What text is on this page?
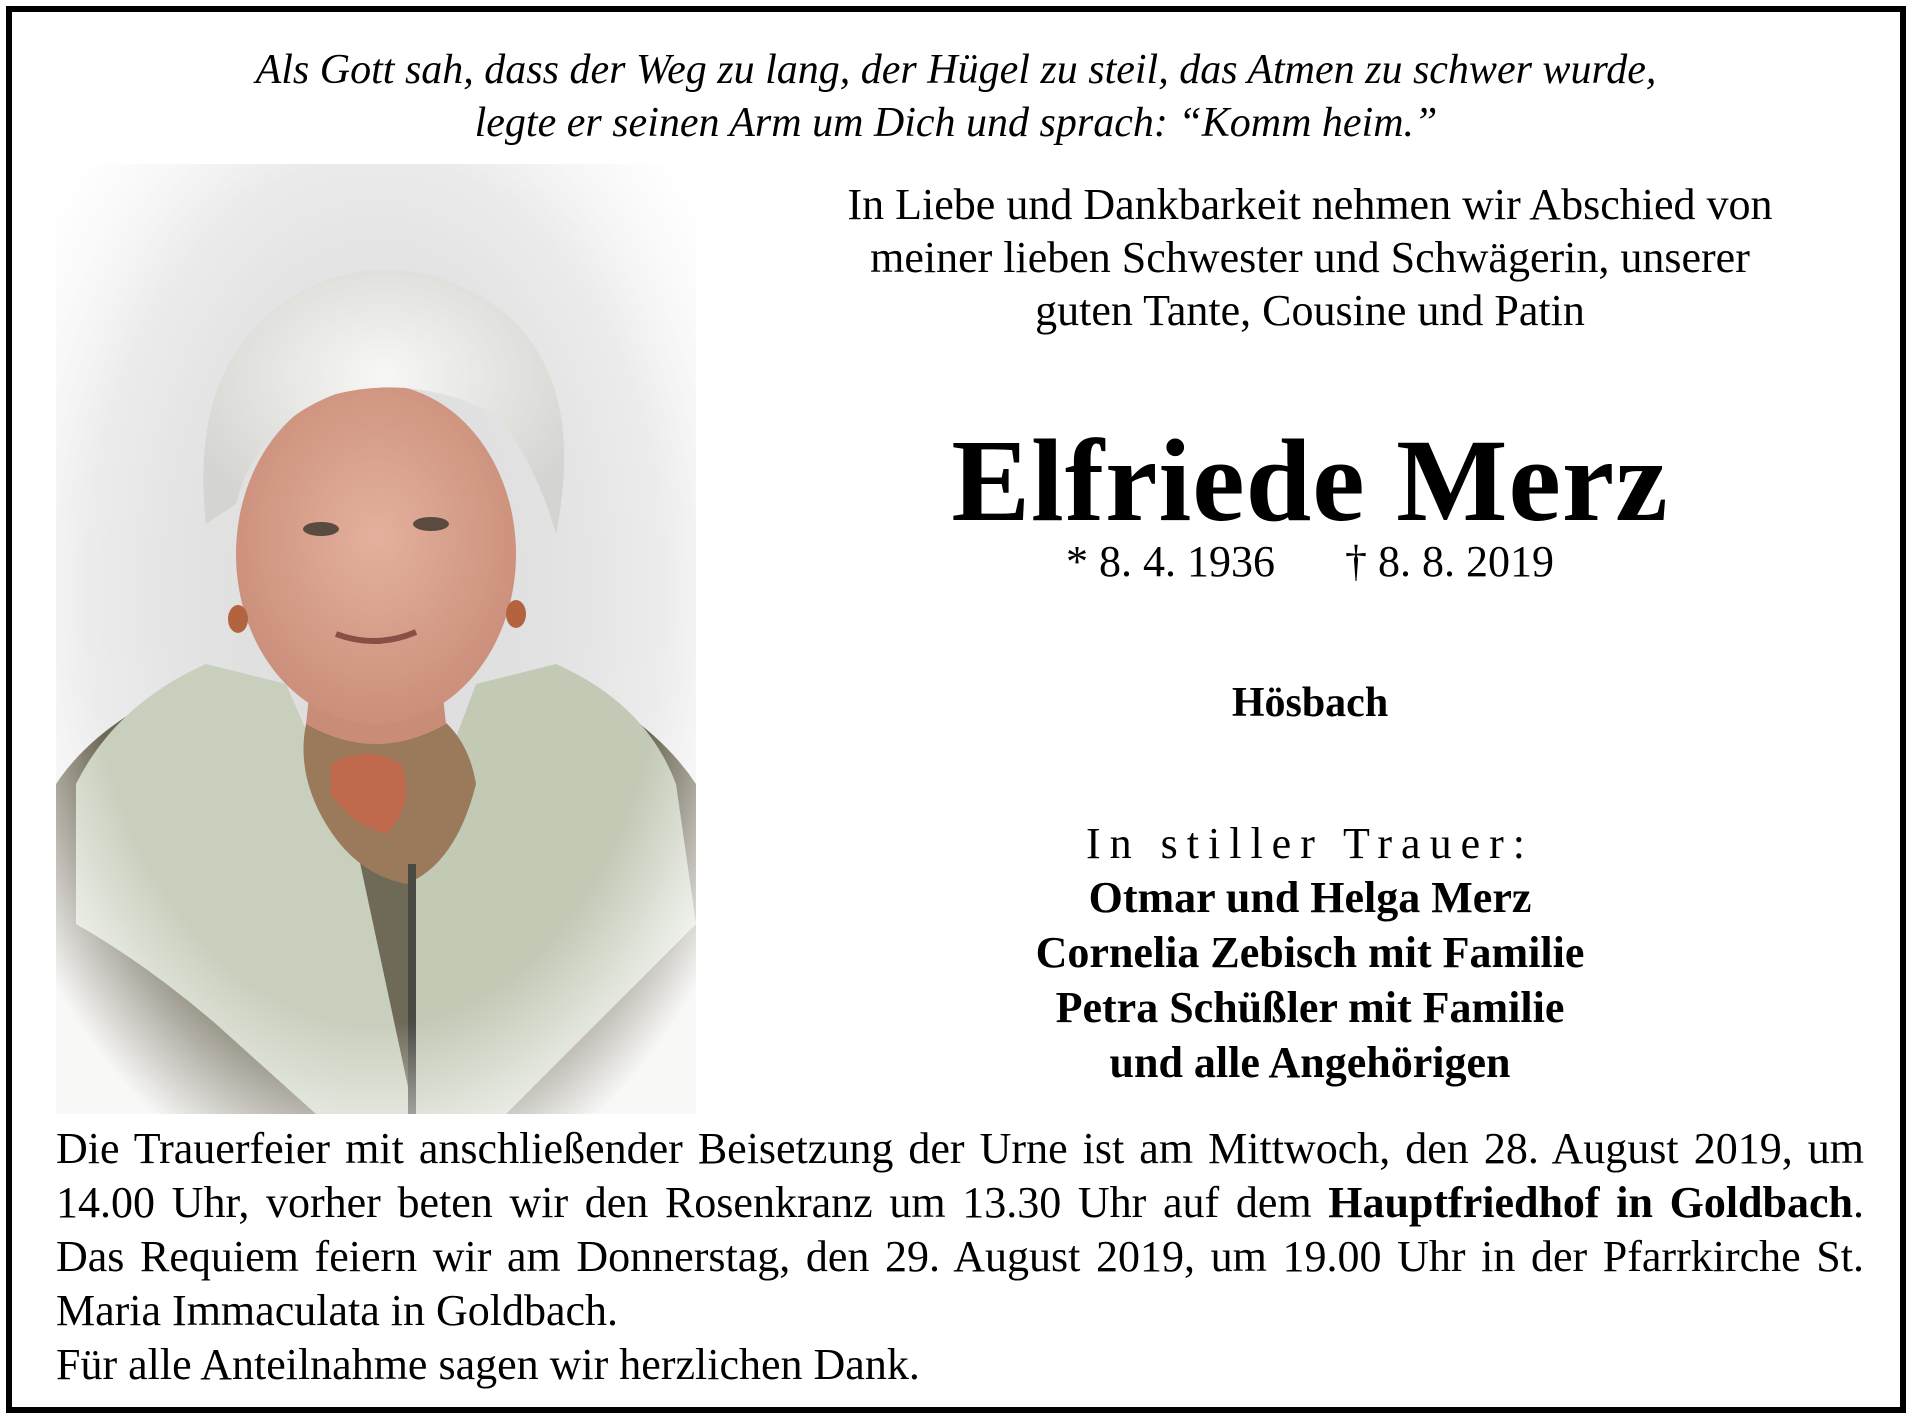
Als Gott sah, dass der Weg zu lang, der Hügel zu steil, das Atmen zu schwer wurde,
legte er seinen Arm um Dich und sprach: “Komm heim.”
In Liebe und Dankbarkeit nehmen wir Abschied von
meiner lieben Schwester und Schwägerin, unserer
guten Tante, Cousine und Patin
Elfriede Merz
* 8. 4. 1936 † 8. 8. 2019
Hösbach
In stiller Trauer:
Otmar und Helga Merz
Cornelia Zebisch mit Familie
Petra Schüßler mit Familie
und alle Angehörigen

Die Trauerfeier mit anschließender Beisetzung der Urne ist am Mittwoch, den 28. August 2019, um 14.00 Uhr, vorher beten wir den Rosenkranz um 13.30 Uhr auf dem Hauptfriedhof in Goldbach. Das Requiem feiern wir am Donnerstag, den 29. August 2019, um 19.00 Uhr in der Pfarrkirche St. Maria Immaculata in Goldbach.

Für alle Anteilnahme sagen wir herzlichen Dank.
